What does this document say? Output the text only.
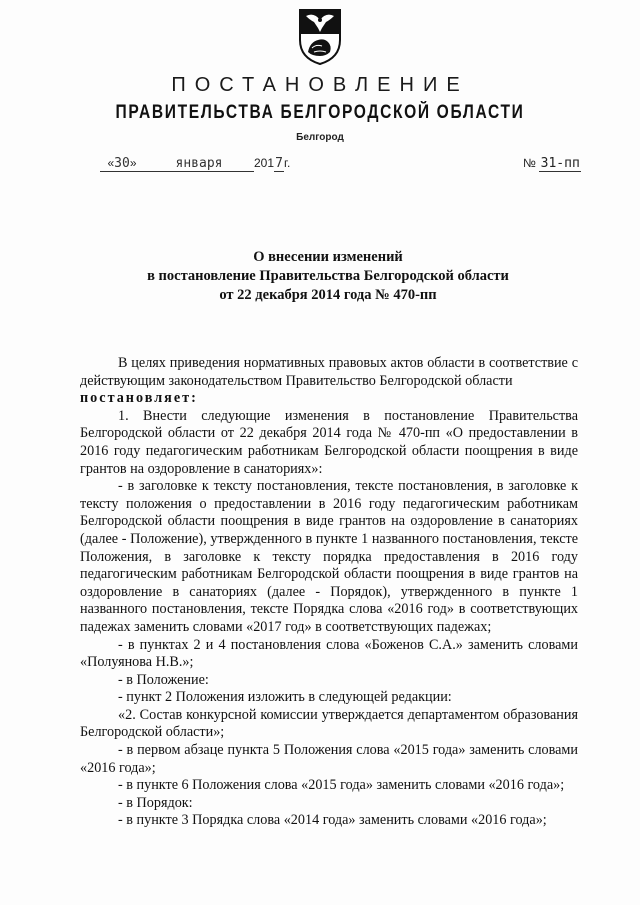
ПОСТАНОВЛЕНИЕ
ПРАВИТЕЛЬСТВА БЕЛГОРОДСКОЙ ОБЛАСТИ
Белгород
«30»	января	2017г.	№ 31-пп
О внесении изменений
в постановление Правительства Белгородской области
от 22 декабря 2014 года № 470-пп

В целях приведения нормативных правовых актов области в соответствие с действующим законодательством Правительство Белгородской области

постановляет:

1. Внести следующие изменения в постановление Правительства Белгородской области от 22 декабря 2014 года № 470-пп «О предоставлении в 2016 году педагогическим работникам Белгородской области поощрения в виде грантов на оздоровление в санаториях»:

- в заголовке к тексту постановления, тексте постановления, в заголовке к тексту положения о предоставлении в 2016 году педагогическим работникам Белгородской области поощрения в виде грантов на оздоровление в санаториях (далее - Положение), утвержденного в пункте 1 названного постановления, тексте Положения, в заголовке к тексту порядка предоставления в 2016 году педагогическим работникам Белгородской области поощрения в виде грантов на оздоровление в санаториях (далее - Порядок), утвержденного в пункте 1 названного постановления, тексте Порядка слова «2016 год» в соответствующих падежах заменить словами «2017 год» в соответствующих падежах;

- в пунктах 2 и 4 постановления слова «Боженов С.А.» заменить словами «Полуянова Н.В.»;

- в Положение:

- пункт 2 Положения изложить в следующей редакции:

«2. Состав конкурсной комиссии утверждается департаментом образования Белгородской области»;

- в первом абзаце пункта 5 Положения слова «2015 года» заменить словами «2016 года»;

- в пункте 6 Положения слова «2015 года» заменить словами «2016 года»;

- в Порядок:

- в пункте 3 Порядка слова «2014 года» заменить словами «2016 года»;
